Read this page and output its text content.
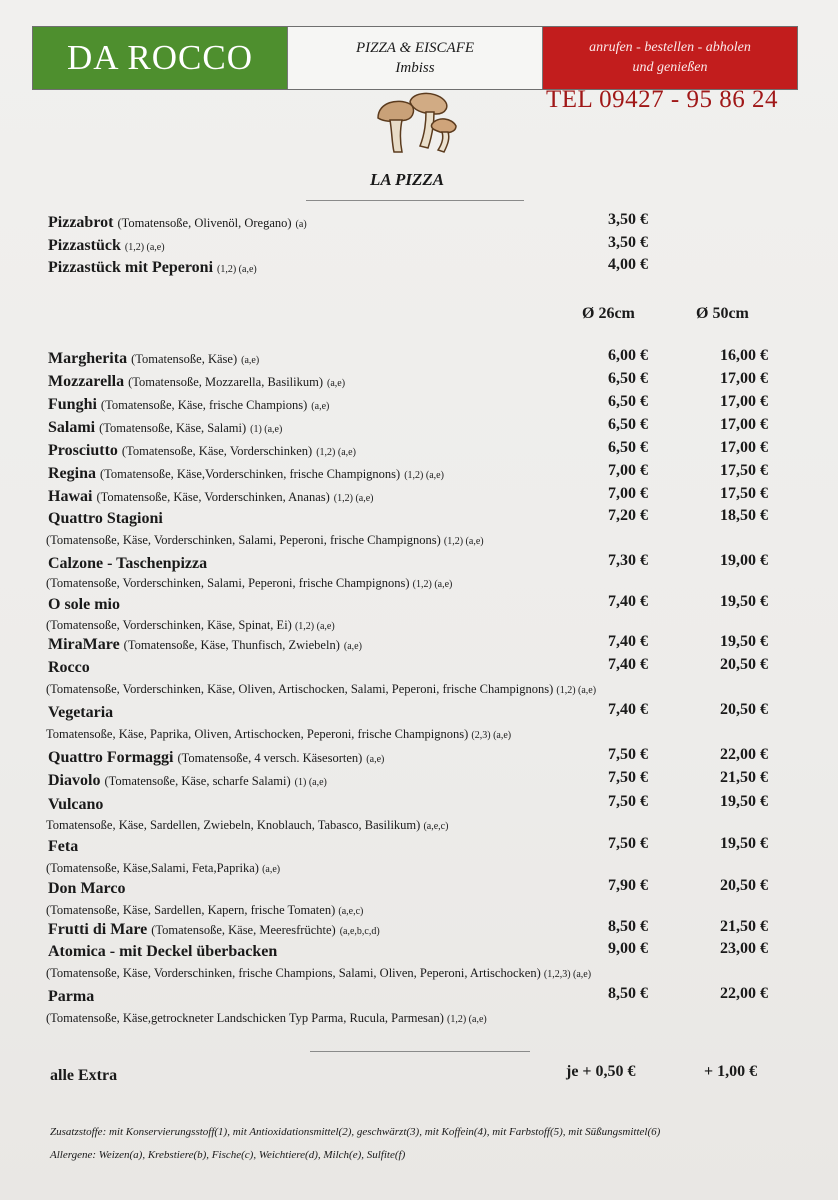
DA ROCCO	PIZZA & EISCAFE
Imbiss
anrufen - bestellen - abholen
und genießen
TEL 09427 - 95 86 24
LA PIZZA
Pizzabrot (Tomatensoße, Olivenöl, Oregano) (a)	3,50 €
Pizzastück (1,2) (a,e)	3,50 €
Pizzastück mit Peperoni (1,2) (a,e)	4,00 €
Ø 26cm	Ø 50cm
Margherita (Tomatensoße, Käse) (a,e)	6,00 €	16,00 €
Mozzarella (Tomatensoße, Mozzarella, Basilikum) (a,e)	6,50 €	17,00 €
Funghi (Tomatensoße, Käse, frische Champions) (a,e)	6,50 €	17,00 €
Salami (Tomatensoße, Käse, Salami) (1) (a,e)	6,50 €	17,00 €
Prosciutto (Tomatensoße, Käse, Vorderschinken) (1,2) (a,e)	6,50 €	17,00 €
Regina (Tomatensoße, Käse,Vorderschinken, frische Champignons) (1,2) (a,e)	7,00 €	17,50 €
Hawai (Tomatensoße, Käse, Vorderschinken, Ananas) (1,2) (a,e)	7,00 €	17,50 €
Quattro Stagioni	7,20 €	18,50 €
(Tomatensoße, Käse, Vorderschinken, Salami, Peperoni, frische Champignons) (1,2) (a,e)
Calzone - Taschenpizza	7,30 €	19,00 €
(Tomatensoße, Vorderschinken, Salami, Peperoni, frische Champignons) (1,2) (a,e)
O sole mio	7,40 €	19,50 €
(Tomatensoße, Vorderschinken, Käse, Spinat, Ei) (1,2) (a,e)
MiraMare (Tomatensoße, Käse, Thunfisch, Zwiebeln) (a,e)	7,40 €	19,50 €
Rocco	7,40 €	20,50 €
(Tomatensoße, Vorderschinken, Käse, Oliven, Artischocken, Salami, Peperoni, frische Champignons) (1,2) (a,e)
Vegetaria	7,40 €	20,50 €
Tomatensoße, Käse, Paprika, Oliven, Artischocken, Peperoni, frische Champignons) (2,3) (a,e)
Quattro Formaggi (Tomatensoße, 4 versch. Käsesorten) (a,e)	7,50 €	22,00 €
Diavolo (Tomatensoße, Käse, scharfe Salami) (1) (a,e)	7,50 €	21,50 €
Vulcano	7,50 €	19,50 €
Tomatensoße, Käse, Sardellen, Zwiebeln, Knoblauch, Tabasco, Basilikum) (a,e,c)
Feta	7,50 €	19,50 €
(Tomatensoße, Käse,Salami, Feta,Paprika) (a,e)
Don Marco	7,90 €	20,50 €
(Tomatensoße, Käse, Sardellen, Kapern, frische Tomaten) (a,e,c)
Frutti di Mare (Tomatensoße, Käse, Meeresfrüchte) (a,e,b,c,d)	8,50 €	21,50 €
Atomica - mit Deckel überbacken	9,00 €	23,00 €
(Tomatensoße, Käse, Vorderschinken, frische Champions, Salami, Oliven, Peperoni, Artischocken) (1,2,3) (a,e)
Parma	8,50 €	22,00 €
(Tomatensoße, Käse,getrockneter Landschicken Typ Parma, Rucula, Parmesan) (1,2) (a,e)
alle Extra	je + 0,50 €	+ 1,00 €
Zusatzstoffe: mit Konservierungsstoff(1), mit Antioxidationsmittel(2), geschwärzt(3), mit Koffein(4), mit Farbstoff(5), mit Süßungsmittel(6)
Allergene: Weizen(a), Krebstiere(b), Fische(c), Weichtiere(d), Milch(e), Sulfite(f)
